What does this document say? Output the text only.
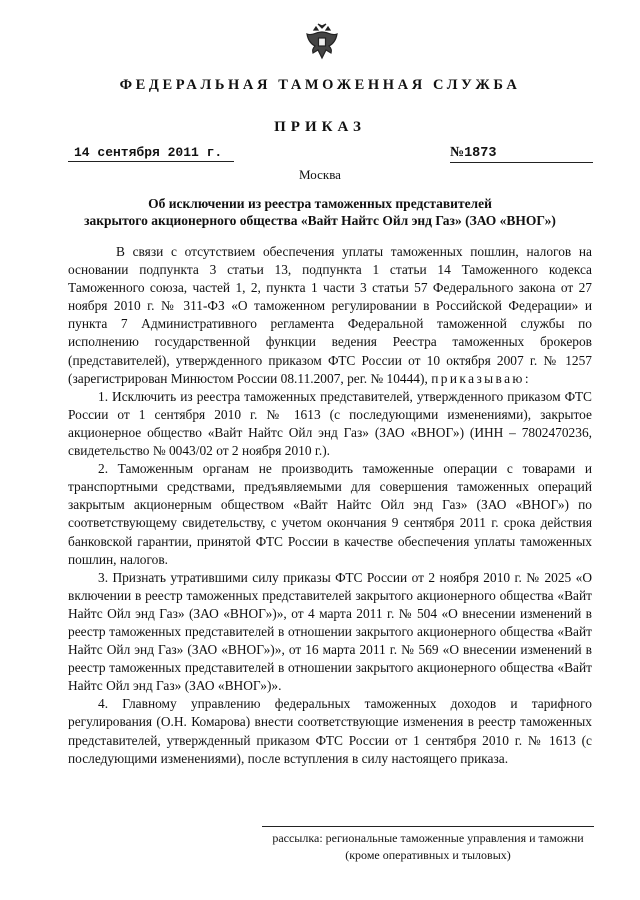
ФЕДЕРАЛЬНАЯ ТАМОЖЕННАЯ СЛУЖБА
ПРИКАЗ
14 сентября 2011 г.	№1873
Москва
Об исключении из реестра таможенных представителей
закрытого акционерного общества «Вайт Найтс Ойл энд Газ» (ЗАО «ВНОГ»)

В связи с отсутствием обеспечения уплаты таможенных пошлин, налогов на основании подпункта 3 статьи 13, подпункта 1 статьи 14 Таможенного кодекса Таможенного союза, частей 1, 2, пункта 1 части 3 статьи 57 Федерального закона от 27 ноября 2010 г. № 311-ФЗ «О таможенном регулировании в Российской Федерации» и пункта 7 Административного регламента Федеральной таможенной службы по исполнению государственной функции ведения Реестра таможенных брокеров (представителей), утвержденного приказом ФТС России от 10 октября 2007 г. № 1257 (зарегистрирован Минюстом России 08.11.2007, рег. № 10444), приказываю:

1. Исключить из реестра таможенных представителей, утвержденного приказом ФТС России от 1 сентября 2010 г. № 1613 (с последующими изменениями), закрытое акционерное общество «Вайт Найтс Ойл энд Газ» (ЗАО «ВНОГ») (ИНН – 7802470236, свидетельство № 0043/02 от 2 ноября 2010 г.).

2. Таможенным органам не производить таможенные операции с товарами и транспортными средствами, предъявляемыми для совершения таможенных операций закрытым акционерным обществом «Вайт Найтс Ойл энд Газ» (ЗАО «ВНОГ») по соответствующему свидетельству, с учетом окончания 9 сентября 2011 г. срока действия банковской гарантии, принятой ФТС России в качестве обеспечения уплаты таможенных пошлин, налогов.

3. Признать утратившими силу приказы ФТС России от 2 ноября 2010 г. № 2025 «О включении в реестр таможенных представителей закрытого акционерного общества «Вайт Найтс Ойл энд Газ» (ЗАО «ВНОГ»)», от 4 марта 2011 г. № 504 «О внесении изменений в реестр таможенных представителей в отношении закрытого акционерного общества «Вайт Найтс Ойл энд Газ» (ЗАО «ВНОГ»)», от 16 марта 2011 г. № 569 «О внесении изменений в реестр таможенных представителей в отношении закрытого акционерного общества «Вайт Найтс Ойл энд Газ» (ЗАО «ВНОГ»)».

4. Главному управлению федеральных таможенных доходов и тарифного регулирования (О.Н. Комарова) внести соответствующие изменения в реестр таможенных представителей, утвержденный приказом ФТС России от 1 сентября 2010 г. № 1613 (с последующими изменениями), после вступления в силу настоящего приказа.

рассылка: региональные таможенные управления и таможни
(кроме оперативных и тыловых)
